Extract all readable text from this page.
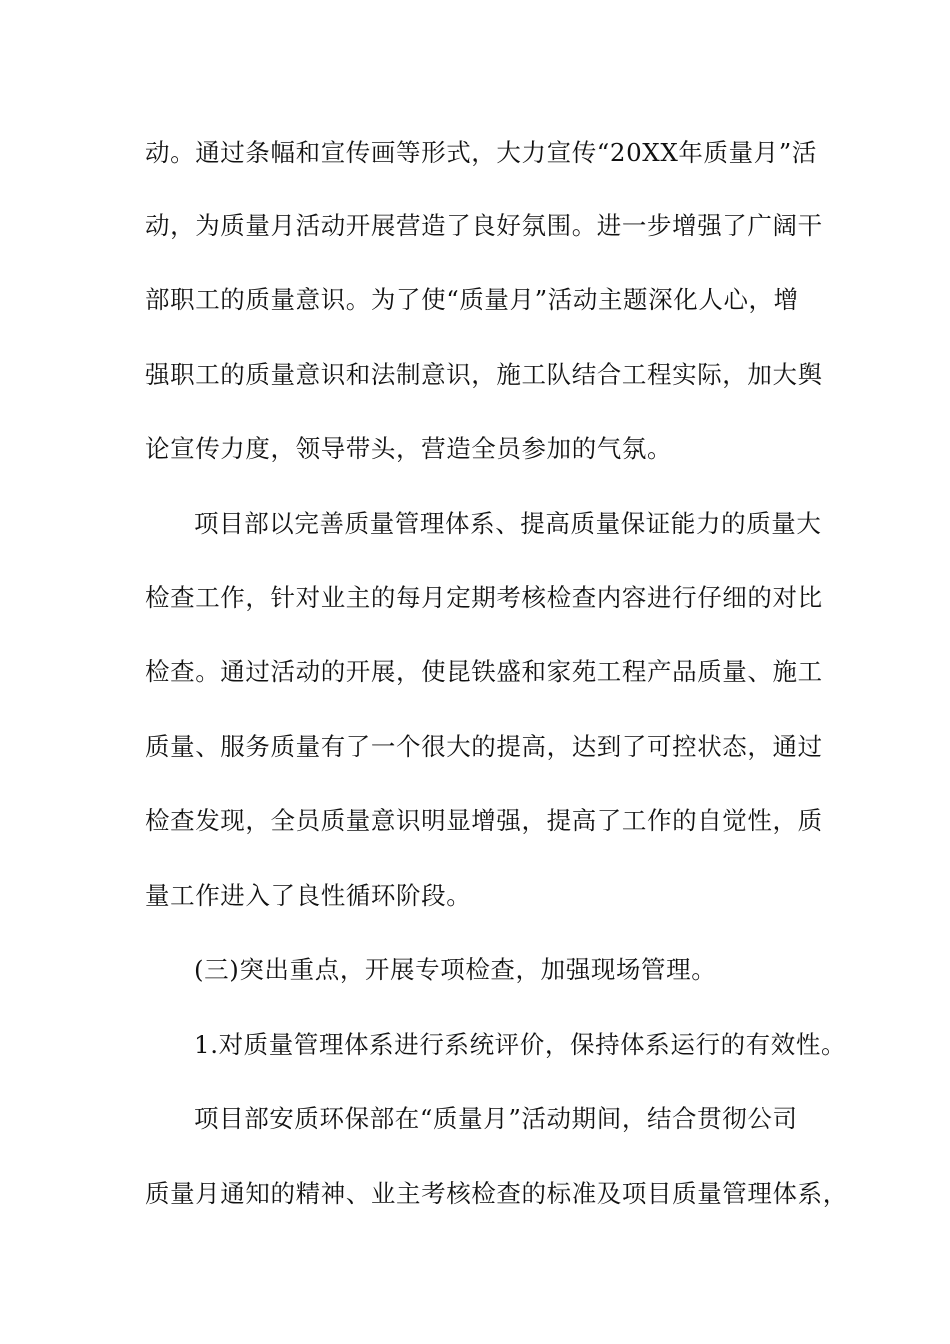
动。通过条幅和宣传画等形式，大力宣传“20XX年质量月”活
动，为质量月活动开展营造了良好氛围。进一步增强了广阔干
部职工的质量意识。为了使“质量月”活动主题深化人心，增
强职工的质量意识和法制意识，施工队结合工程实际，加大舆
论宣传力度，领导带头，营造全员参加的气氛。
项目部以完善质量管理体系、提高质量保证能力的质量大
检查工作，针对业主的每月定期考核检查内容进行仔细的对比
检查。通过活动的开展，使昆铁盛和家苑工程产品质量、施工
质量、服务质量有了一个很大的提高，达到了可控状态，通过
检查发现，全员质量意识明显增强，提高了工作的自觉性，质
量工作进入了良性循环阶段。
(三)突出重点，开展专项检查，加强现场管理。
1.对质量管理体系进行系统评价，保持体系运行的有效性。
项目部安质环保部在“质量月”活动期间，结合贯彻公司
质量月通知的精神、业主考核检查的标准及项目质量管理体系，
